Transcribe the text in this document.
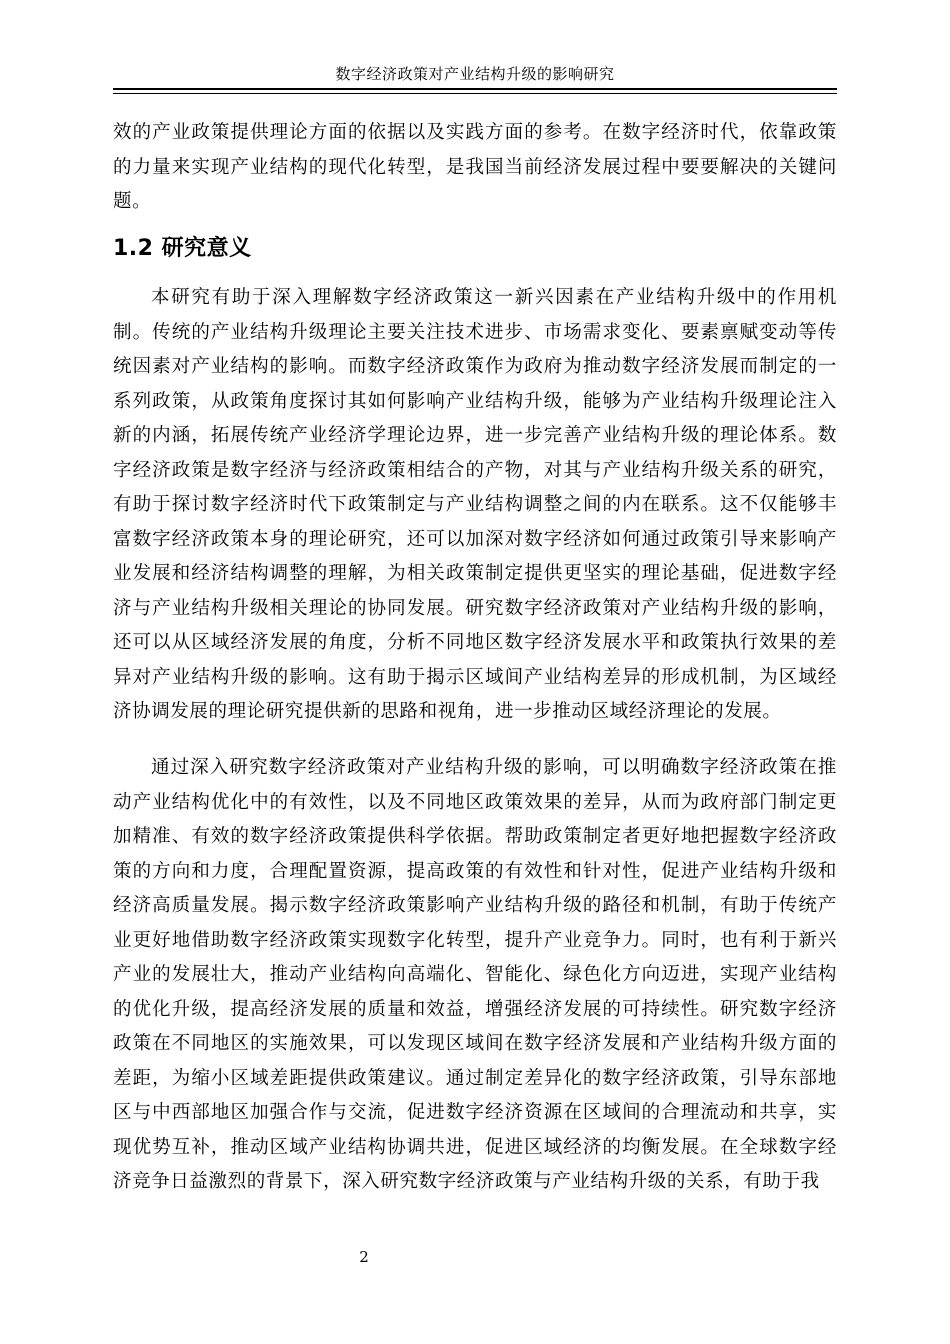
数字经济政策对产业结构升级的影响研究

效的产业政策提供理论方面的依据以及实践方面的参考。在数字经济时代，依靠政策的力量来实现产业结构的现代化转型，是我国当前经济发展过程中要要解决的关键问题。

1.2 研究意义

本研究有助于深入理解数字经济政策这一新兴因素在产业结构升级中的作用机制。传统的产业结构升级理论主要关注技术进步、市场需求变化、要素禀赋变动等传统因素对产业结构的影响。而数字经济政策作为政府为推动数字经济发展而制定的一系列政策，从政策角度探讨其如何影响产业结构升级，能够为产业结构升级理论注入新的内涵，拓展传统产业经济学理论边界，进一步完善产业结构升级的理论体系。数字经济政策是数字经济与经济政策相结合的产物，对其与产业结构升级关系的研究，有助于探讨数字经济时代下政策制定与产业结构调整之间的内在联系。这不仅能够丰富数字经济政策本身的理论研究，还可以加深对数字经济如何通过政策引导来影响产业发展和经济结构调整的理解，为相关政策制定提供更坚实的理论基础，促进数字经济与产业结构升级相关理论的协同发展。研究数字经济政策对产业结构升级的影响，还可以从区域经济发展的角度，分析不同地区数字经济发展水平和政策执行效果的差异对产业结构升级的影响。这有助于揭示区域间产业结构差异的形成机制，为区域经济协调发展的理论研究提供新的思路和视角，进一步推动区域经济理论的发展。

通过深入研究数字经济政策对产业结构升级的影响，可以明确数字经济政策在推动产业结构优化中的有效性，以及不同地区政策效果的差异，从而为政府部门制定更加精准、有效的数字经济政策提供科学依据。帮助政策制定者更好地把握数字经济政策的方向和力度，合理配置资源，提高政策的有效性和针对性，促进产业结构升级和经济高质量发展。揭示数字经济政策影响产业结构升级的路径和机制，有助于传统产业更好地借助数字经济政策实现数字化转型，提升产业竞争力。同时，也有利于新兴产业的发展壮大，推动产业结构向高端化、智能化、绿色化方向迈进，实现产业结构的优化升级，提高经济发展的质量和效益，增强经济发展的可持续性。研究数字经济政策在不同地区的实施效果，可以发现区域间在数字经济发展和产业结构升级方面的差距，为缩小区域差距提供政策建议。通过制定差异化的数字经济政策，引导东部地区与中西部地区加强合作与交流，促进数字经济资源在区域间的合理流动和共享，实现优势互补，推动区域产业结构协调共进，促进区域经济的均衡发展。在全球数字经济竞争日益激烈的背景下，深入研究数字经济政策与产业结构升级的关系，有助于我

2
